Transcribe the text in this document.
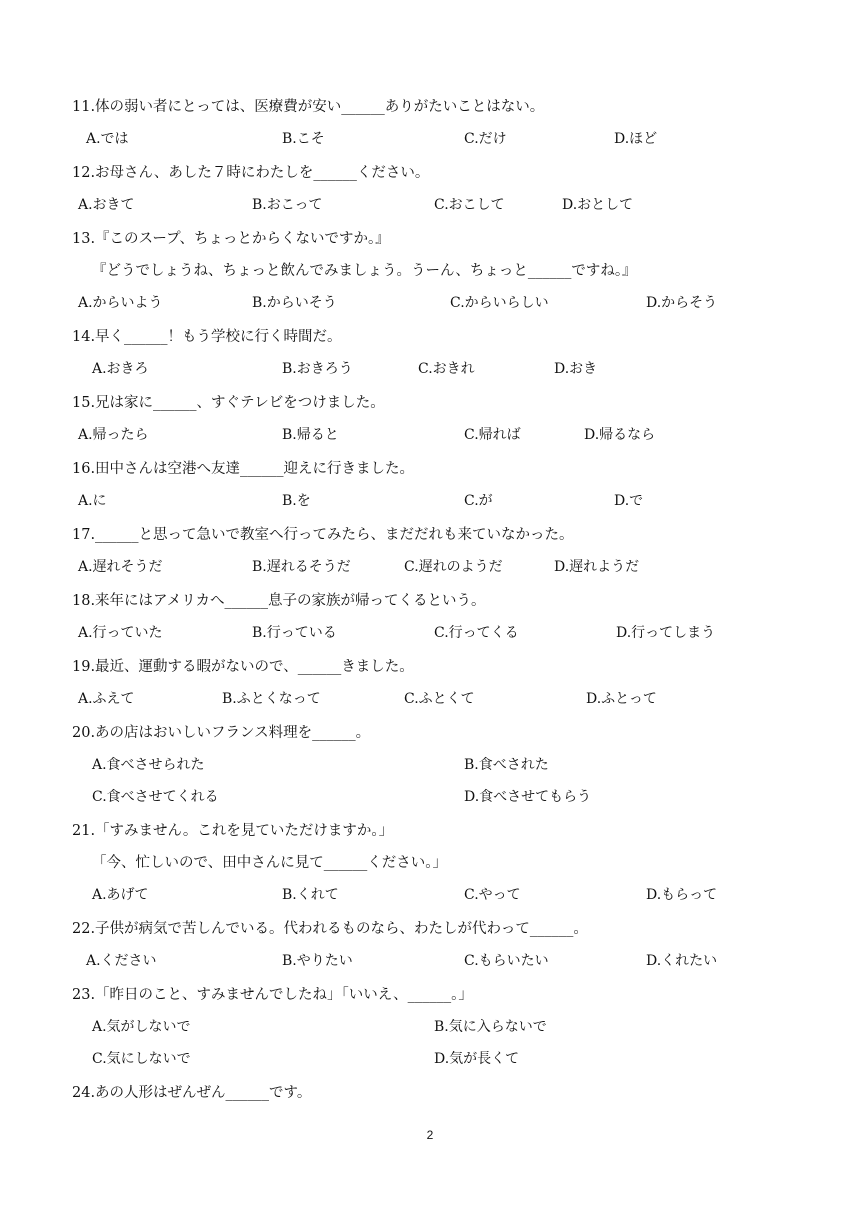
11.体の弱い者にとっては、医療費が安い______ありがたいことはない。
A.では	B.こそ	C.だけ	D.ほど
12.お母さん、あした７時にわたしを______ください。
A.おきて	B.おこって	C.おこして	D.おとして
13.『このスープ、ちょっとからくないですか。』
『どうでしょうね、ちょっと飲んでみましょう。うーん、ちょっと______ですね。』
A.からいよう	B.からいそう	C.からいらしい	D.からそう
14.早く______！もう学校に行く時間だ。
A.おきろ	B.おきろう	C.おきれ	D.おき
15.兄は家に______、すぐテレビをつけました。
A.帰ったら	B.帰ると	C.帰れば	D.帰るなら
16.田中さんは空港へ友達______迎えに行きました。
A.に	B.を	C.が	D.で
17.______と思って急いで教室へ行ってみたら、まだだれも来ていなかった。
A.遅れそうだ	B.遅れるそうだ	C.遅れのようだ	D.遅れようだ
18.来年にはアメリカへ______息子の家族が帰ってくるという。
A.行っていた	B.行っている	C.行ってくる	D.行ってしまう
19.最近、運動する暇がないので、______きました。
A.ふえて	B.ふとくなって	C.ふとくて	D.ふとって
20.あの店はおいしいフランス料理を______。
A.食べさせられた	B.食べされた
C.食べさせてくれる	D.食べさせてもらう
21.「すみません。これを見ていただけますか。」
「今、忙しいので、田中さんに見て______ください。」
A.あげて	B.くれて	C.やって	D.もらって
22.子供が病気で苦しんでいる。代われるものなら、わたしが代わって______。
A.ください	B.やりたい	C.もらいたい	D.くれたい
23.「昨日のこと、すみませんでしたね」「いいえ、______。」
A.気がしないで	B.気に入らないで
C.気にしないで	D.気が長くて
24.あの人形はぜんぜん______です。
2
